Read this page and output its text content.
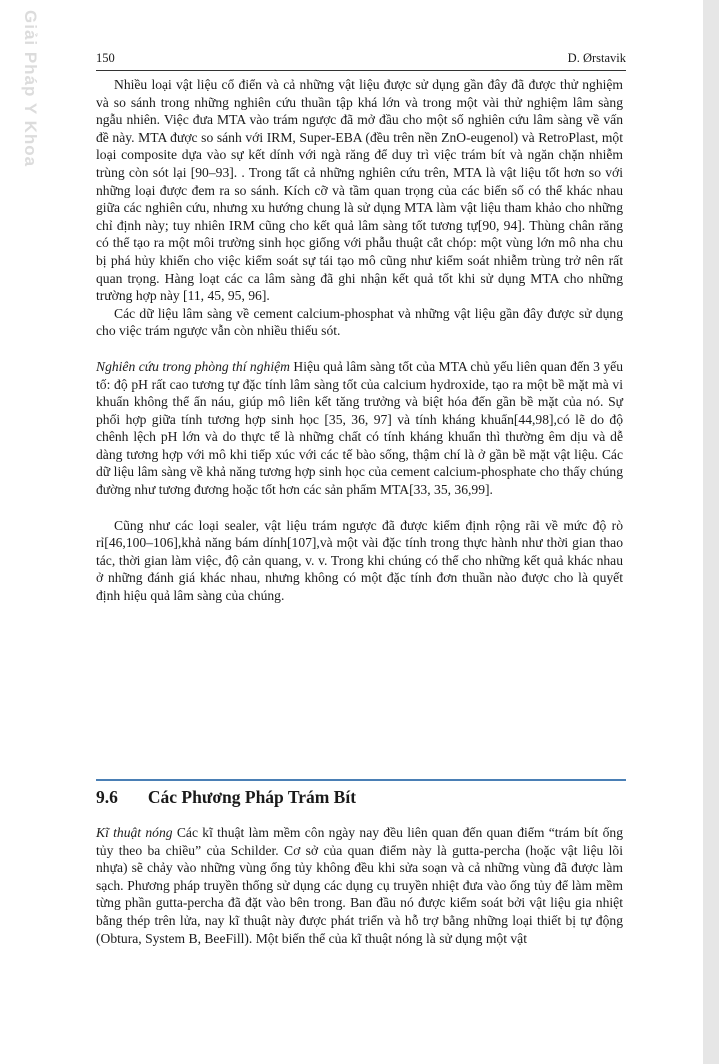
Giải Pháp Y Khoa	150	D. Ørstavik

Nhiều loại vật liệu cổ điển và cả những vật liệu được sử dụng gần đây đã được thử nghiệm và so sánh trong những nghiên cứu thuần tập khá lớn và trong một vài thử nghiệm lâm sàng ngẫu nhiên. Việc đưa MTA vào trám ngược đã mở đầu cho một số nghiên cứu lâm sàng về vấn đề này. MTA được so sánh với IRM, Super-EBA (đều trên nền ZnO-eugenol) và RetroPlast, một loại composite dựa vào sự kết dính với ngà răng để duy trì việc trám bít và ngăn chặn nhiễm trùng còn sót lại [90–93]. . Trong tất cả những nghiên cứu trên, MTA là vật liệu tốt hơn so với những loại được đem ra so sánh. Kích cỡ và tầm quan trọng của các biến số có thể khác nhau giữa các nghiên cứu, nhưng xu hướng chung là sử dụng MTA làm vật liệu tham khảo cho những chỉ định này; tuy nhiên IRM cũng cho kết quả lâm sàng tốt tương tự[90, 94]. Thùng chân răng có thể tạo ra một môi trường sinh học giống với phẫu thuật cắt chóp: một vùng lớn mô nha chu bị phá hủy khiến cho việc kiểm soát sự tái tạo mô cũng như kiểm soát nhiễm trùng trở nên rất quan trọng. Hàng loạt các ca lâm sàng đã ghi nhận kết quả tốt khi sử dụng MTA cho những trường hợp này [11, 45, 95, 96].

Các dữ liệu lâm sàng về cement calcium-phosphat và những vật liệu gần đây được sử dụng cho việc trám ngược vẫn còn nhiều thiếu sót.

Nghiên cứu trong phòng thí nghiệm Hiệu quả lâm sàng tốt của MTA chủ yếu liên quan đến 3 yếu tố: độ pH rất cao tương tự đặc tính lâm sàng tốt của calcium hydroxide, tạo ra một bề mặt mà vi khuẩn không thể ẩn náu, giúp mô liên kết tăng trưởng và biệt hóa đến gần bề mặt của nó. Sự phối hợp giữa tính tương hợp sinh học [35, 36, 97] và tính kháng khuẩn[44,98],có lẽ do độ chênh lệch pH lớn và do thực tế là những chất có tính kháng khuẩn thì thường êm dịu và dễ dàng tương hợp với mô khi tiếp xúc với các tế bào sống, thậm chí là ở gần bề mặt vật liệu. Các dữ liệu lâm sàng về khả năng tương hợp sinh học của cement calcium-phosphate cho thấy chúng đường như tương đương hoặc tốt hơn các sản phẩm MTA[33, 35, 36,99].

Cũng như các loại sealer, vật liệu trám ngược đã được kiểm định rộng rãi về mức độ rò rỉ[46,100–106],khả năng bám dính[107],và một vài đặc tính trong thực hành như thời gian thao tác, thời gian làm việc, độ cản quang, v. v. Trong khi chúng có thể cho những kết quả khác nhau ở những đánh giá khác nhau, nhưng không có một đặc tính đơn thuần nào được cho là quyết định hiệu quả lâm sàng của chúng.

9.6 Các Phương Pháp Trám Bít

Kĩ thuật nóng Các kĩ thuật làm mềm côn ngày nay đều liên quan đến quan điểm “trám bít ống tủy theo ba chiều” của Schilder. Cơ sở của quan điểm này là gutta-percha (hoặc vật liệu lõi nhựa) sẽ chảy vào những vùng ống tủy không đều khi sửa soạn và cả những vùng đã được làm sạch. Phương pháp truyền thống sử dụng các dụng cụ truyền nhiệt đưa vào ống tủy để làm mềm từng phần gutta-percha đã đặt vào bên trong. Ban đầu nó được kiểm soát bởi vật liệu gia nhiệt bằng thép trên lửa, nay kĩ thuật này được phát triển và hỗ trợ bằng những loại thiết bị tự động (Obtura, System B, BeeFill). Một biến thể của kĩ thuật nóng là sử dụng một vật
